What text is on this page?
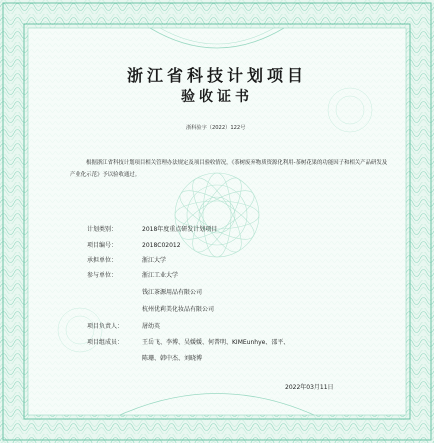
浙江省科技计划项目
验收证书
浙科验字（2022）122号
根据浙江省科技计划项目相关管理办法规定及项目验收情况，《茶树废弃物质资源化利用-茶树花果的功能因子和相关产品研发及产业化示范》予以验收通过。
计划类别：	2018年度重点研发计划项目
项目编号：	2018C02012
承担单位：	浙江大学
参与单位：	浙江工业大学
钱江茶源用品有限公司
杭州优莉美化妆品有限公司
项目负责人：	屠幼英
项目组成员：	王岳飞、李博、吴媛媛、何普明、KIMEunhye、邵平、
陈珊、韩中杰、刘晓博
2022年03月11日
